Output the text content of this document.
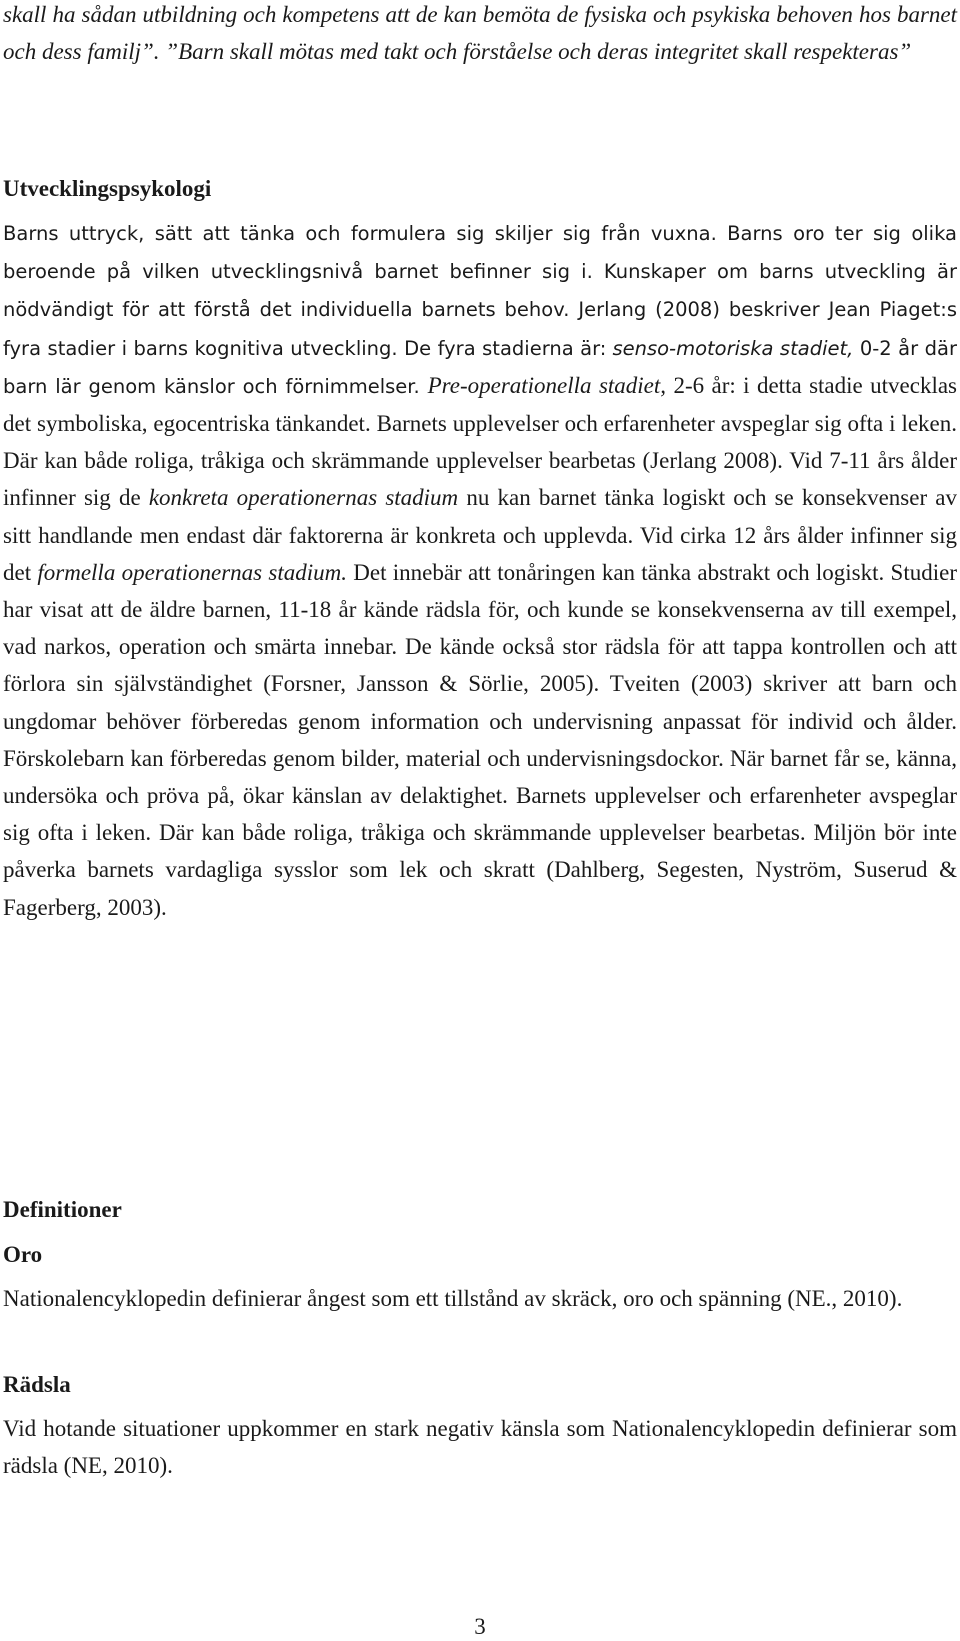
skall ha sådan utbildning och kompetens att de kan bemöta de fysiska och psykiska behoven hos barnet och dess familj”. ”Barn skall mötas med takt och förståelse och deras integritet skall respekteras”

Utvecklingspsykologi

Barns uttryck, sätt att tänka och formulera sig skiljer sig från vuxna. Barns oro ter sig olika beroende på vilken utvecklingsnivå barnet befinner sig i. Kunskaper om barns utveckling är nödvändigt för att förstå det individuella barnets behov. Jerlang (2008) beskriver Jean Piaget:s fyra stadier i barns kognitiva utveckling. De fyra stadierna är: senso-motoriska stadiet, 0-2 år där barn lär genom känslor och förnimmelser. Pre-operationella stadiet, 2-6 år: i detta stadie utvecklas det symboliska, egocentriska tänkandet. Barnets upplevelser och erfarenheter avspeglar sig ofta i leken. Där kan både roliga, tråkiga och skrämmande upplevelser bearbetas (Jerlang 2008). Vid 7-11 års ålder infinner sig de konkreta operationernas stadium nu kan barnet tänka logiskt och se konsekvenser av sitt handlande men endast där faktorerna är konkreta och upplevda. Vid cirka 12 års ålder infinner sig det formella operationernas stadium. Det innebär att tonåringen kan tänka abstrakt och logiskt. Studier har visat att de äldre barnen, 11-18 år kände rädsla för, och kunde se konsekvenserna av till exempel, vad narkos, operation och smärta innebar. De kände också stor rädsla för att tappa kontrollen och att förlora sin självständighet (Forsner, Jansson & Sörlie, 2005). Tveiten (2003) skriver att barn och ungdomar behöver förberedas genom information och undervisning anpassat för individ och ålder. Förskolebarn kan förberedas genom bilder, material och undervisningsdockor. När barnet får se, känna, undersöka och pröva på, ökar känslan av delaktighet. Barnets upplevelser och erfarenheter avspeglar sig ofta i leken. Där kan både roliga, tråkiga och skrämmande upplevelser bearbetas. Miljön bör inte påverka barnets vardagliga sysslor som lek och skratt (Dahlberg, Segesten, Nyström, Suserud & Fagerberg, 2003).

Definitioner
Oro

Nationalencyklopedin definierar ångest som ett tillstånd av skräck, oro och spänning (NE., 2010).

Rädsla

Vid hotande situationer uppkommer en stark negativ känsla som Nationalencyklopedin definierar som rädsla (NE, 2010).

3
